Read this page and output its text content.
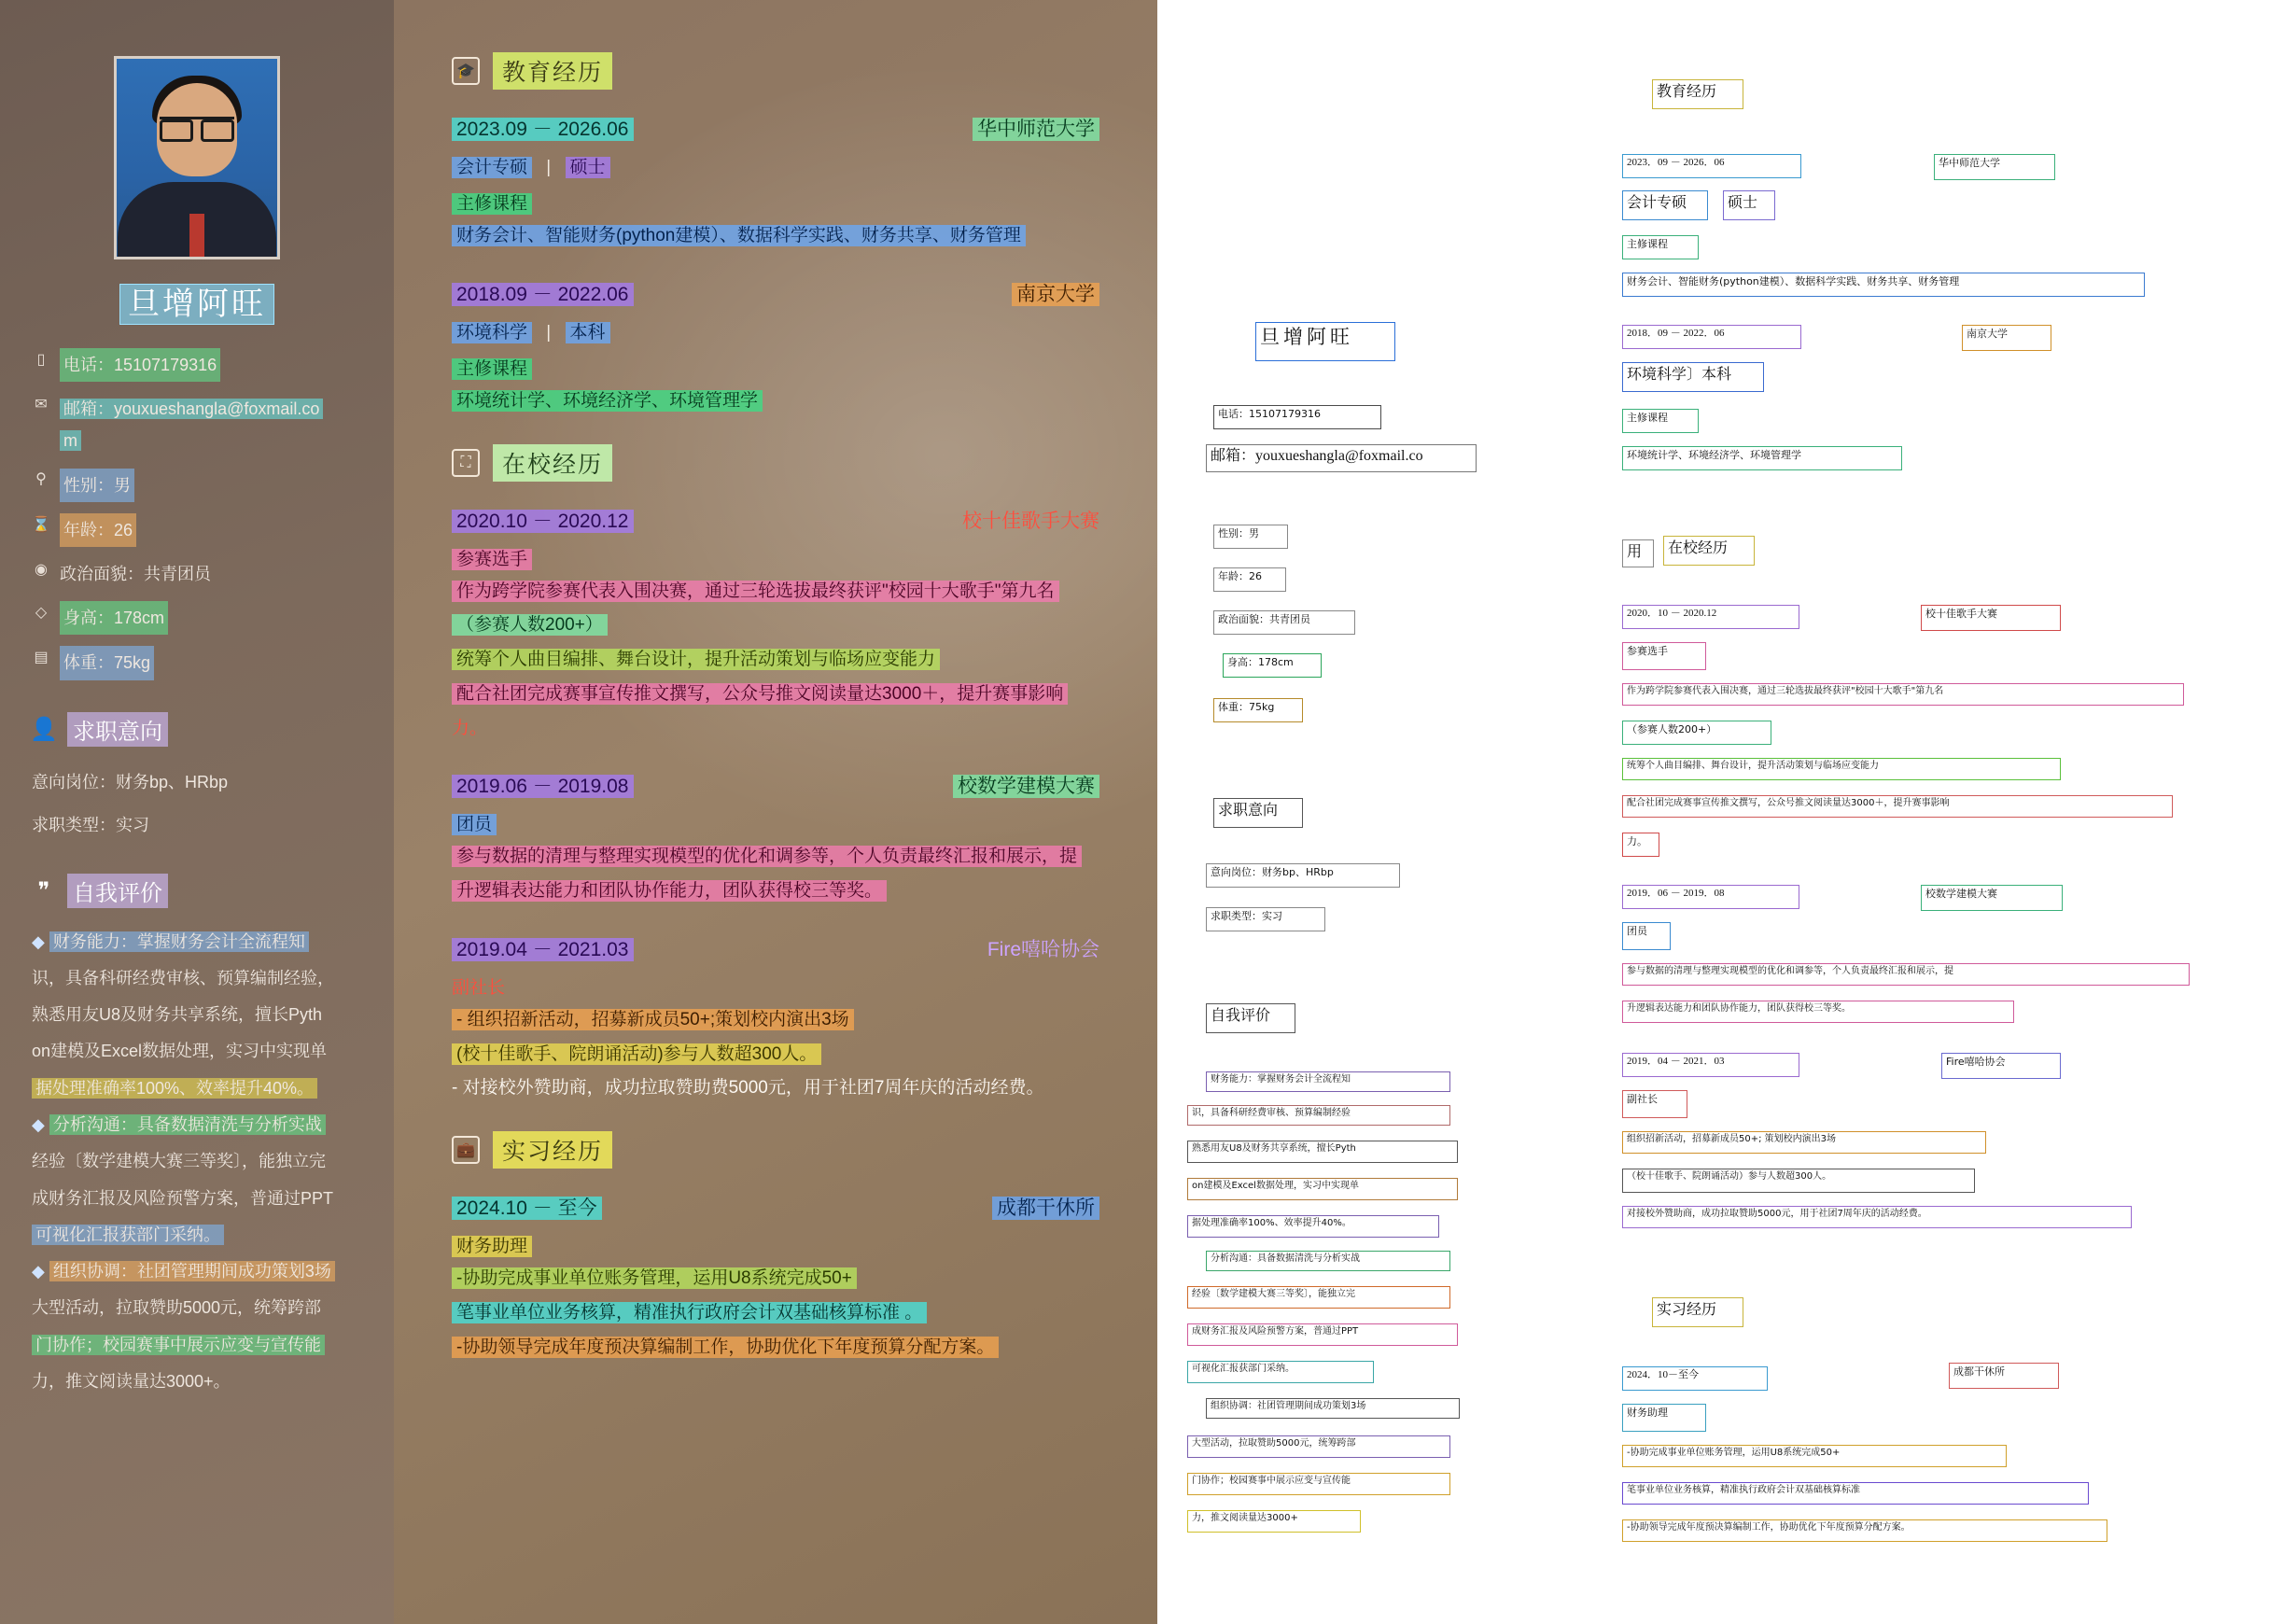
旦增阿旺
▯	电话：15107179316
✉ 邮箱：youxueshangla@foxmail.co
m
⚲ 性别：男
⌛ 年龄：26
◉ 政治面貌：共青团员
◇ 身高：178cm
▤ 体重：75kg
👤 求职意向
意向岗位：财务bp、HRbp
求职类型：实习
❞ 自我评价

◆ 财务能力：掌握财务会计全流程知

识，具备科研经费审核、预算编制经验，

熟悉用友U8及财务共享系统，擅长Pyth

on建模及Excel数据处理，实习中实现单

据处理准确率100%、效率提升40%。

◆ 分析沟通：具备数据清洗与分析实战

经验〔数学建模大赛三等奖〕，能独立完

成财务汇报及风险预警方案，普通过PPT

可视化汇报获部门采纳。

◆ 组织协调：社团管理期间成功策划3场

大型活动，拉取赞助5000元，统筹跨部

门协作；校园赛事中展示应变与宣传能

力，推文阅读量达3000+。

🎓	教育经历
2023.09 － 2026.06	华中师范大学
会计专硕 | 硕士
主修课程
财务会计、智能财务(python建模）、数据科学实践、财务共享、财务管理
2018.09 － 2022.06	南京大学
环境科学 | 本科
主修课程
环境统计学、环境经济学、环境管理学
⛶	在校经历
2020.10 － 2020.12	校十佳歌手大赛
参赛选手
作为跨学院参赛代表入围决赛，通过三轮选拔最终获评"校园十大歌手"第九名
（参赛人数200+）
统筹个人曲目编排、舞台设计，提升活动策划与临场应变能力
配合社团完成赛事宣传推文撰写，公众号推文阅读量达3000＋，提升赛事影响
力。
2019.06 － 2019.08	校数学建模大赛
团员
参与数据的清理与整理实现模型的优化和调参等，个人负责最终汇报和展示，提
升逻辑表达能力和团队协作能力，团队获得校三等奖。
2019.04 － 2021.03	Fire嘻哈协会
副社长
- 组织招新活动，招募新成员50+;策划校内演出3场
(校十佳歌手、院朗诵活动)参与人数超300人。
- 对接校外赞助商，成功拉取赞助费5000元，用于社团7周年庆的活动经费。
💼	实习经历
2024.10 － 至今	成都干休所
财务助理
-协助完成事业单位账务管理，运用U8系统完成50+
笔事业单位业务核算，精准执行政府会计双基础核算标准 。
-协助领导完成年度预决算编制工作，协助优化下年度预算分配方案。
旦增阿旺
电话：15107179316
邮箱：youxueshangla@foxmail.co
性别：男
年龄：26
政治面貌：共青团员
身高：178cm
体重：75kg
求职意向
意向岗位：财务bp、HRbp
求职类型：实习
自我评价
财务能力：掌握财务会计全流程知
识，具备科研经费审核、预算编制经验
熟悉用友U8及财务共享系统，擅长Pyth
on建模及Excel数据处理，实习中实现单
据处理准确率100%、效率提升40%。
分析沟通：具备数据清洗与分析实战
经验〔数学建模大赛三等奖〕，能独立完
成财务汇报及风险预警方案，普通过PPT
可视化汇报获部门采纳。
组织协调：社团管理期间成功策划3场
大型活动，拉取赞助5000元，统筹跨部
门协作；校园赛事中展示应变与宣传能
力，推文阅读量达3000+
教育经历
2023．09 － 2026．06	华中师范大学
会计专硕	硕士
主修课程
财务会计、智能财务(python建模）、数据科学实践、财务共享、财务管理
2018．09 － 2022．06	南京大学
环境科学〕本科
主修课程
环境统计学、环境经济学、环境管理学
用	在校经历
2020．10 － 2020.12	校十佳歌手大赛
参赛选手
作为跨学院参赛代表入围决赛，通过三轮选拔最终获评"校园十大歌手"第九名
（参赛人数200+）
统筹个人曲目编排、舞台设计，提升活动策划与临场应变能力
配合社团完成赛事宣传推文撰写，公众号推文阅读量达3000＋，提升赛事影响
力。
2019．06 － 2019．08	校数学建模大赛
团员
参与数据的清理与整理实现模型的优化和调参等，个人负责最终汇报和展示，提
升逻辑表达能力和团队协作能力，团队获得校三等奖。
2019．04 － 2021．03	Fire嘻哈协会
副社长
组织招新活动，招募新成员50+; 策划校内演出3场
（校十佳歌手、院朗诵活动）参与人数超300人。
对接校外赞助商，成功拉取赞助5000元，用于社团7周年庆的活动经费。
实习经历
2024．10－至今	成都干休所
财务助理
-协助完成事业单位账务管理，运用U8系统完成50+
笔事业单位业务核算，精准执行政府会计双基础核算标准
-协助领导完成年度预决算编制工作，协助优化下年度预算分配方案。
